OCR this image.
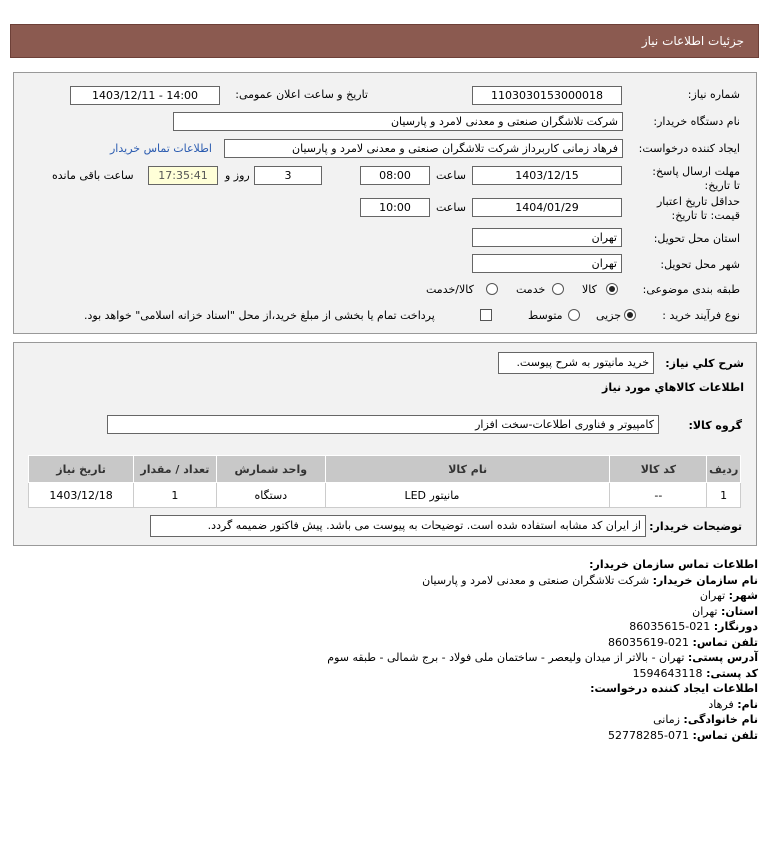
جزئیات اطلاعات نیاز
شماره نیاز:
1103030153000018
تاریخ و ساعت اعلان عمومی:
1403/12/11 - 14:00
نام دستگاه خریدار:
شرکت تلاشگران صنعتی و معدنی لامرد و پارسیان
ایجاد کننده درخواست:
فرهاد زمانی کاربرداز شرکت تلاشگران صنعتی و معدنی لامرد و پارسیان
اطلاعات تماس خریدار
مهلت ارسال پاسخ: تا تاریخ:
1403/12/15
ساعت
08:00
3
روز و
17:35:41
ساعت باقی مانده
حداقل تاریخ اعتبار قیمت: تا تاریخ:
1404/01/29
ساعت
10:00
استان محل تحویل:
تهران
شهر محل تحویل:
تهران
طبقه بندی موضوعی:
کالا
خدمت
کالا/خدمت
نوع فرآیند خرید :
جزیی
متوسط
پرداخت تمام یا بخشی از مبلغ خرید،از محل "اسناد خزانه اسلامی" خواهد بود.
شرح کلي نياز:
خرید مانیتور به شرح پیوست.
اطلاعات کالاهاي مورد نياز
گروه کالا:
کامپیوتر و فناوری اطلاعات-سخت افزار
ردیف	کد کالا	نام کالا	واحد شمارش	تعداد / مقدار	تاریخ نیاز
1	--	مانیتور LED	دستگاه	1	1403/12/18
توضیحات خریدار:
از ایران کد مشابه استفاده شده است. توضیحات به پیوست می باشد. پیش فاکتور ضمیمه گردد.
اطلاعات تماس سازمان خریدار:
نام سازمان خریدار: شرکت تلاشگران صنعتی و معدنی لامرد و پارسیان
شهر: تهران
استان: تهران
دورنگار: 021-86035615
تلفن تماس: 021-86035619
آدرس پستی: تهران - بالاتر از میدان ولیعصر - ساختمان ملی فولاد - برج شمالی - طبقه سوم
کد پستی: 1594643118
اطلاعات ایجاد کننده درخواست:
نام: فرهاد
نام خانوادگی: زمانی
تلفن تماس: 071-52778285
